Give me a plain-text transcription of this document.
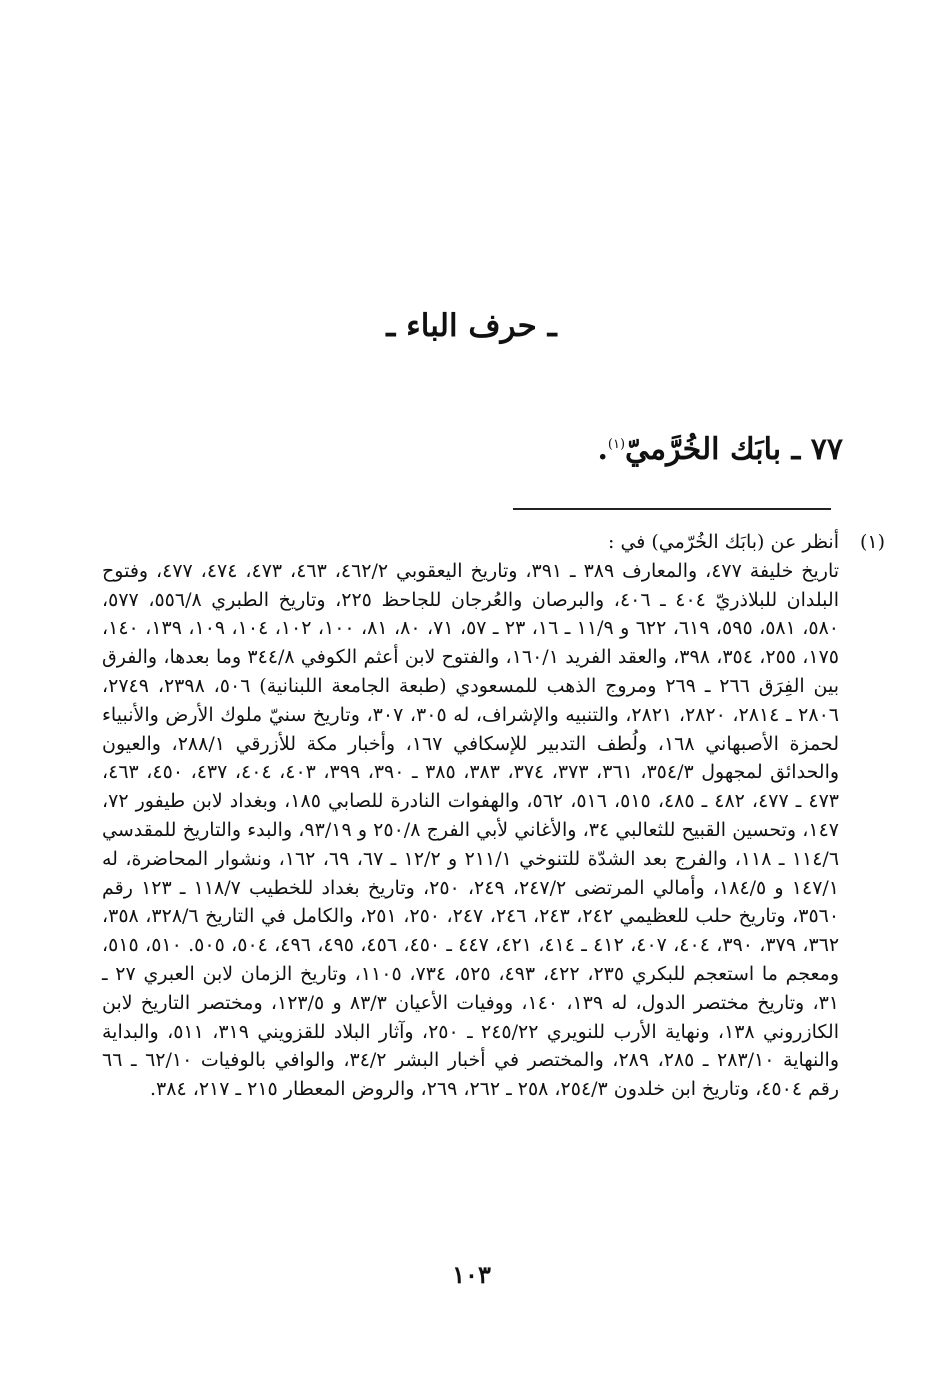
ـ حرف الباء ـ
٧٧ ـ بابَك الخُرَّميّ$^{(١)}$.
(١)
أنظر عن (بابَك الخُرّمي) في :
تاريخ خليفة ٤٧٧، والمعارف ٣٨٩ ـ ٣٩١، وتاريخ اليعقوبي ٤٦٢/٢، ٤٦٣، ٤٧٣، ٤٧٤، ٤٧٧، وفتوح البلدان للبلاذريّ ٤٠٤ ـ ٤٠٦، والبرصان والعُرجان للجاحظ ٢٢٥، وتاريخ الطبري ٥٥٦/٨، ٥٧٧، ٥٨٠، ٥٨١، ٥٩٥، ٦١٩، ٦٢٢ و ١١/٩ ـ ١٦، ٢٣ ـ ٥٧، ٧١، ٨٠، ٨١، ١٠٠، ١٠٢، ١٠٤، ١٠٩، ١٣٩، ١٤٠، ١٧٥، ٢٥٥، ٣٥٤، ٣٩٨، والعقد الفريد ١٦٠/١، والفتوح لابن أعثم الكوفي ٣٤٤/٨ وما بعدها، والفرق بين الفِرَق ٢٦٦ ـ ٢٦٩ ومروج الذهب للمسعودي (طبعة الجامعة اللبنانية) ٥٠٦، ٢٣٩٨، ٢٧٤٩، ٢٨٠٦ ـ ٢٨١٤، ٢٨٢٠، ٢٨٢١، والتنبيه والإشراف، له ٣٠٥، ٣٠٧، وتاريخ سنيّ ملوك الأرض والأنبياء لحمزة الأصبهاني ١٦٨، ولُطف التدبير للإسكافي ١٦٧، وأخبار مكة للأزرقي ٢٨٨/١، والعيون والحدائق لمجهول ٣٥٤/٣، ٣٦١، ٣٧٣، ٣٧٤، ٣٨٣، ٣٨٥ ـ ٣٩٠، ٣٩٩، ٤٠٣، ٤٠٤، ٤٣٧، ٤٥٠، ٤٦٣، ٤٧٣ ـ ٤٧٧، ٤٨٢ ـ ٤٨٥، ٥١٥، ٥١٦، ٥٦٢، والهفوات النادرة للصابي ١٨٥، وبغداد لابن طيفور ٧٢، ١٤٧، وتحسين القبيح للثعالبي ٣٤، والأغاني لأبي الفرج ٢٥٠/٨ و ٩٣/١٩، والبدء والتاريخ للمقدسي ١١٤/٦ ـ ١١٨، والفرج بعد الشدّة للتنوخي ٢١١/١ و ١٢/٢ ـ ٦٧، ٦٩، ١٦٢، ونشوار المحاضرة، له ١٤٧/١ و ١٨٤/٥، وأمالي المرتضى ٢٤٧/٢، ٢٤٩، ٢٥٠، وتاريخ بغداد للخطيب ١١٨/٧ ـ ١٢٣ رقم ٣٥٦٠، وتاريخ حلب للعظيمي ٢٤٢، ٢٤٣، ٢٤٦، ٢٤٧، ٢٥٠، ٢٥١، والكامل في التاريخ ٣٢٨/٦، ٣٥٨، ٣٦٢، ٣٧٩، ٣٩٠، ٤٠٤، ٤٠٧، ٤١٢ ـ ٤١٤، ٤٢١، ٤٤٧ ـ ٤٥٠، ٤٥٦، ٤٩٥، ٤٩٦، ٥٠٤، ٥٠٥. ٥١٠، ٥١٥، ومعجم ما استعجم للبكري ٢٣٥، ٤٢٢، ٤٩٣، ٥٢٥، ٧٣٤، ١١٠٥، وتاريخ الزمان لابن العبري ٢٧ ـ ٣١، وتاريخ مختصر الدول، له ١٣٩، ١٤٠، ووفيات الأعيان ٨٣/٣ و ١٢٣/٥، ومختصر التاريخ لابن الكازروني ١٣٨، ونهاية الأرب للنويري ٢٤٥/٢٢ ـ ٢٥٠، وآثار البلاد للقزويني ٣١٩، ٥١١، والبداية والنهاية ٢٨٣/١٠ ـ ٢٨٥، ٢٨٩، والمختصر في أخبار البشر ٣٤/٢، والوافي بالوفيات ٦٢/١٠ ـ ٦٦ رقم ٤٥٠٤، وتاريخ ابن خلدون ٢٥٤/٣، ٢٥٨ ـ ٢٦٢، ٢٦٩، والروض المعطار ٢١٥ ـ ٢١٧، ٣٨٤.
١٠٣
